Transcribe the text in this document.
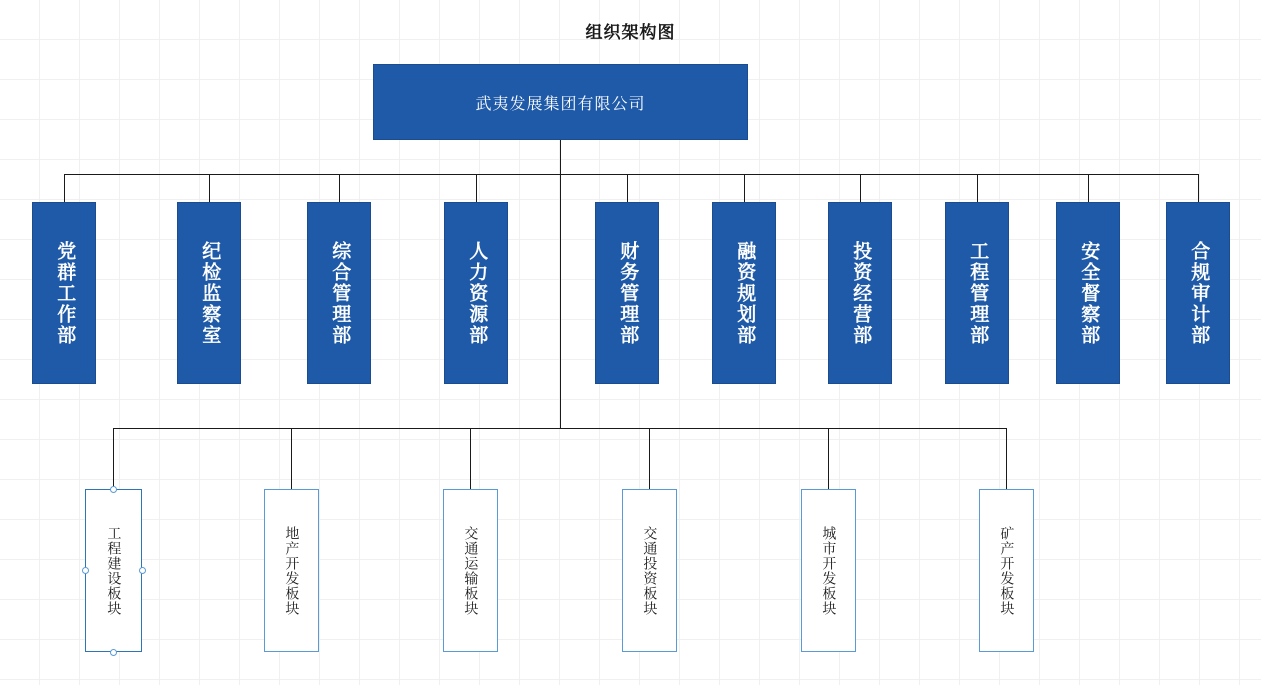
组织架构图
武夷发展集团有限公司
党群工作部	纪检监察室	综合管理部	人力资源部	财务管理部	融资规划部	投资经营部	工程管理部	安全督察部	合规审计部
工程建设板块	地产开发板块	交通运输板块	交通投资板块	城市开发板块	矿产开发板块
